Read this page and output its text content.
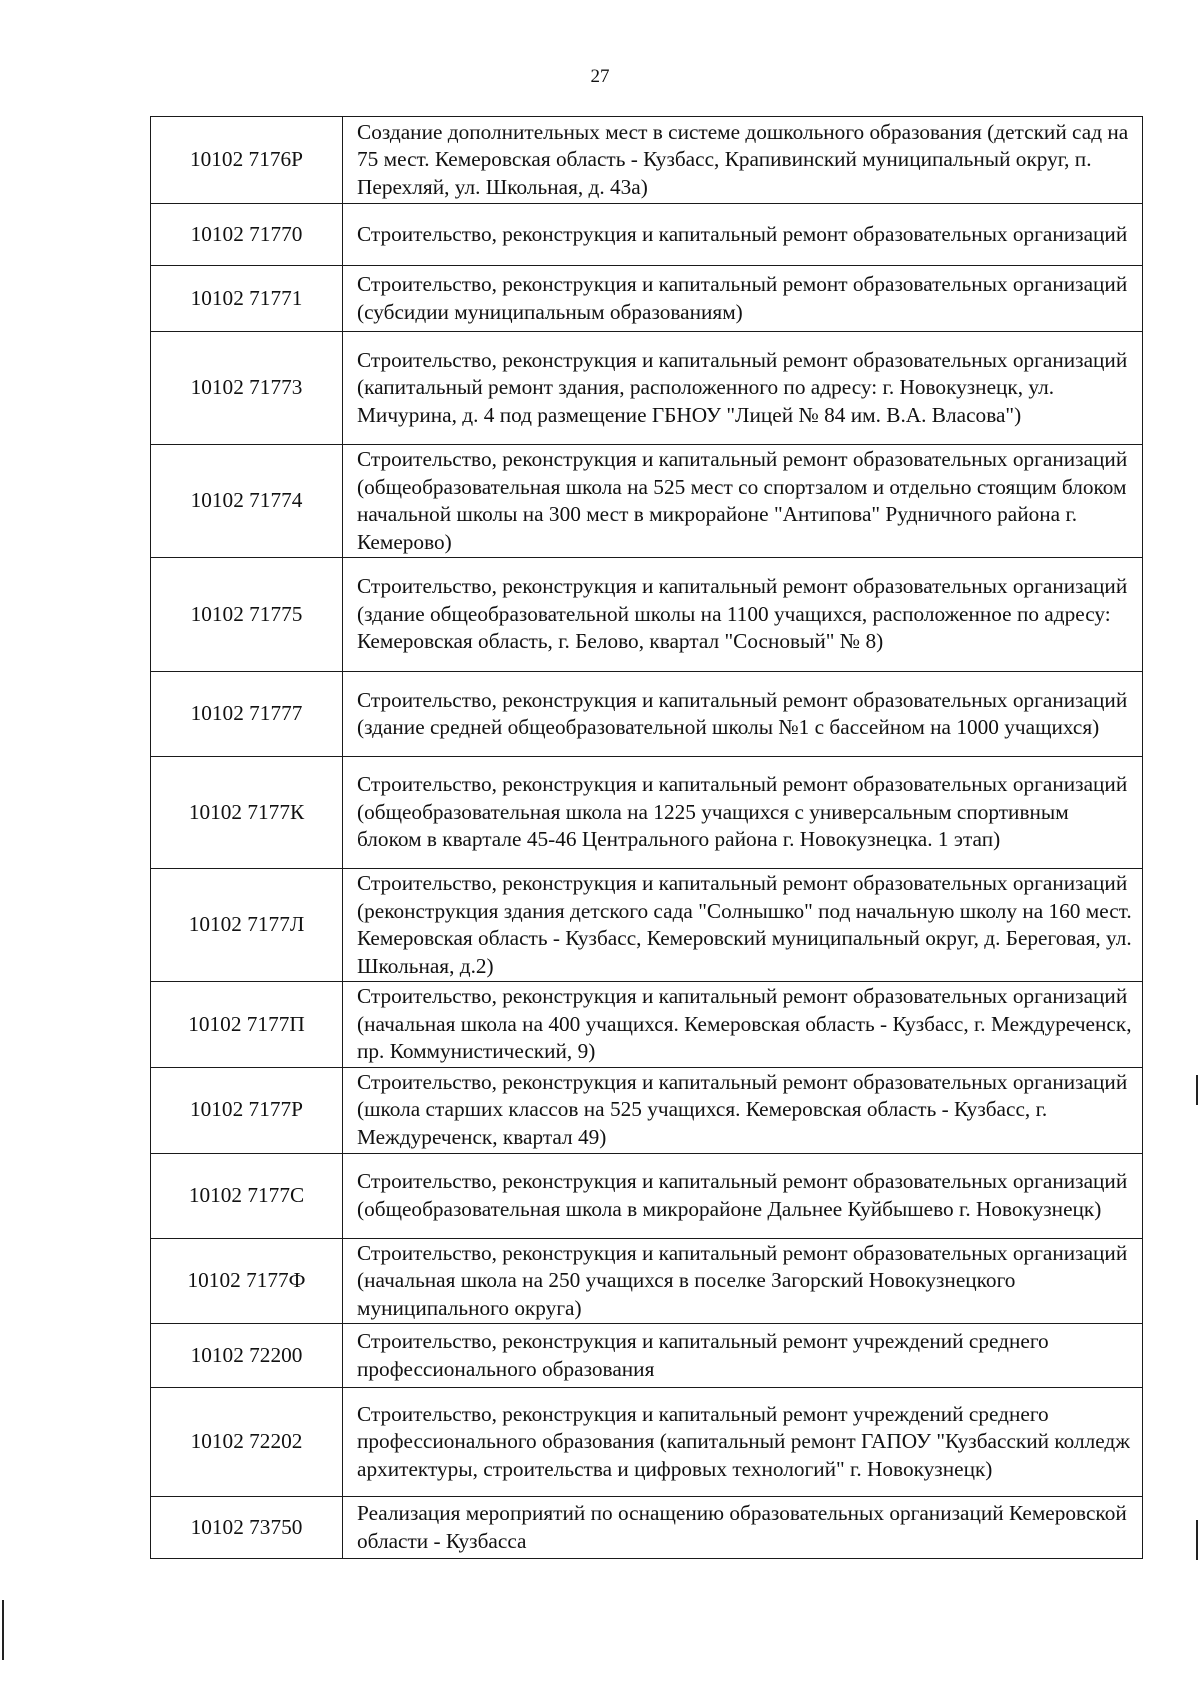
27
10102 7176Р	Создание дополнительных мест в системе дошкольного образования (детский сад на 75 мест. Кемеровская область - Кузбасс, Крапивинский муниципальный округ, п. Перехляй, ул. Школьная, д. 43а)
10102 71770	Строительство, реконструкция и капитальный ремонт образовательных организаций
10102 71771	Строительство, реконструкция и капитальный ремонт образовательных организаций (субсидии муниципальным образованиям)
10102 71773	Строительство, реконструкция и капитальный ремонт образовательных организаций (капитальный ремонт здания, расположенного по адресу: г. Новокузнецк, ул. Мичурина, д. 4 под размещение ГБНОУ "Лицей № 84 им. В.А. Власова")
10102 71774	Строительство, реконструкция и капитальный ремонт образовательных организаций (общеобразовательная школа на 525 мест со спортзалом и отдельно стоящим блоком начальной школы на 300 мест в микрорайоне "Антипова" Рудничного района г. Кемерово)
10102 71775	Строительство, реконструкция и капитальный ремонт образовательных организаций (здание общеобразовательной школы на 1100 учащихся, расположенное по адресу: Кемеровская область, г. Белово, квартал "Сосновый" № 8)
10102 71777	Строительство, реконструкция и капитальный ремонт образовательных организаций (здание средней общеобразовательной школы №1 с бассейном на 1000 учащихся)
10102 7177К	Строительство, реконструкция и капитальный ремонт образовательных организаций (общеобразовательная школа на 1225 учащихся с универсальным спортивным блоком в квартале 45-46 Центрального района г. Новокузнецка. 1 этап)
10102 7177Л	Строительство, реконструкция и капитальный ремонт образовательных организаций (реконструкция здания детского сада "Солнышко" под начальную школу на 160 мест. Кемеровская область - Кузбасс, Кемеровский муниципальный округ, д. Береговая, ул. Школьная, д.2)
10102 7177П	Строительство, реконструкция и капитальный ремонт образовательных организаций (начальная школа на 400 учащихся. Кемеровская область - Кузбасс, г. Междуреченск, пр. Коммунистический, 9)
10102 7177Р	Строительство, реконструкция и капитальный ремонт образовательных организаций (школа старших классов на 525 учащихся. Кемеровская область - Кузбасс, г. Междуреченск, квартал 49)
10102 7177С	Строительство, реконструкция и капитальный ремонт образовательных организаций (общеобразовательная школа в микрорайоне Дальнее Куйбышево г. Новокузнецк)
10102 7177Ф	Строительство, реконструкция и капитальный ремонт образовательных организаций (начальная школа на 250 учащихся в поселке Загорский Новокузнецкого муниципального округа)
10102 72200	Строительство, реконструкция и капитальный ремонт учреждений среднего профессионального образования
10102 72202	Строительство, реконструкция и капитальный ремонт учреждений среднего профессионального образования (капитальный ремонт ГАПОУ "Кузбасский колледж архитектуры, строительства и цифровых технологий" г. Новокузнецк)
10102 73750	Реализация мероприятий по оснащению образовательных организаций Кемеровской области - Кузбасса
